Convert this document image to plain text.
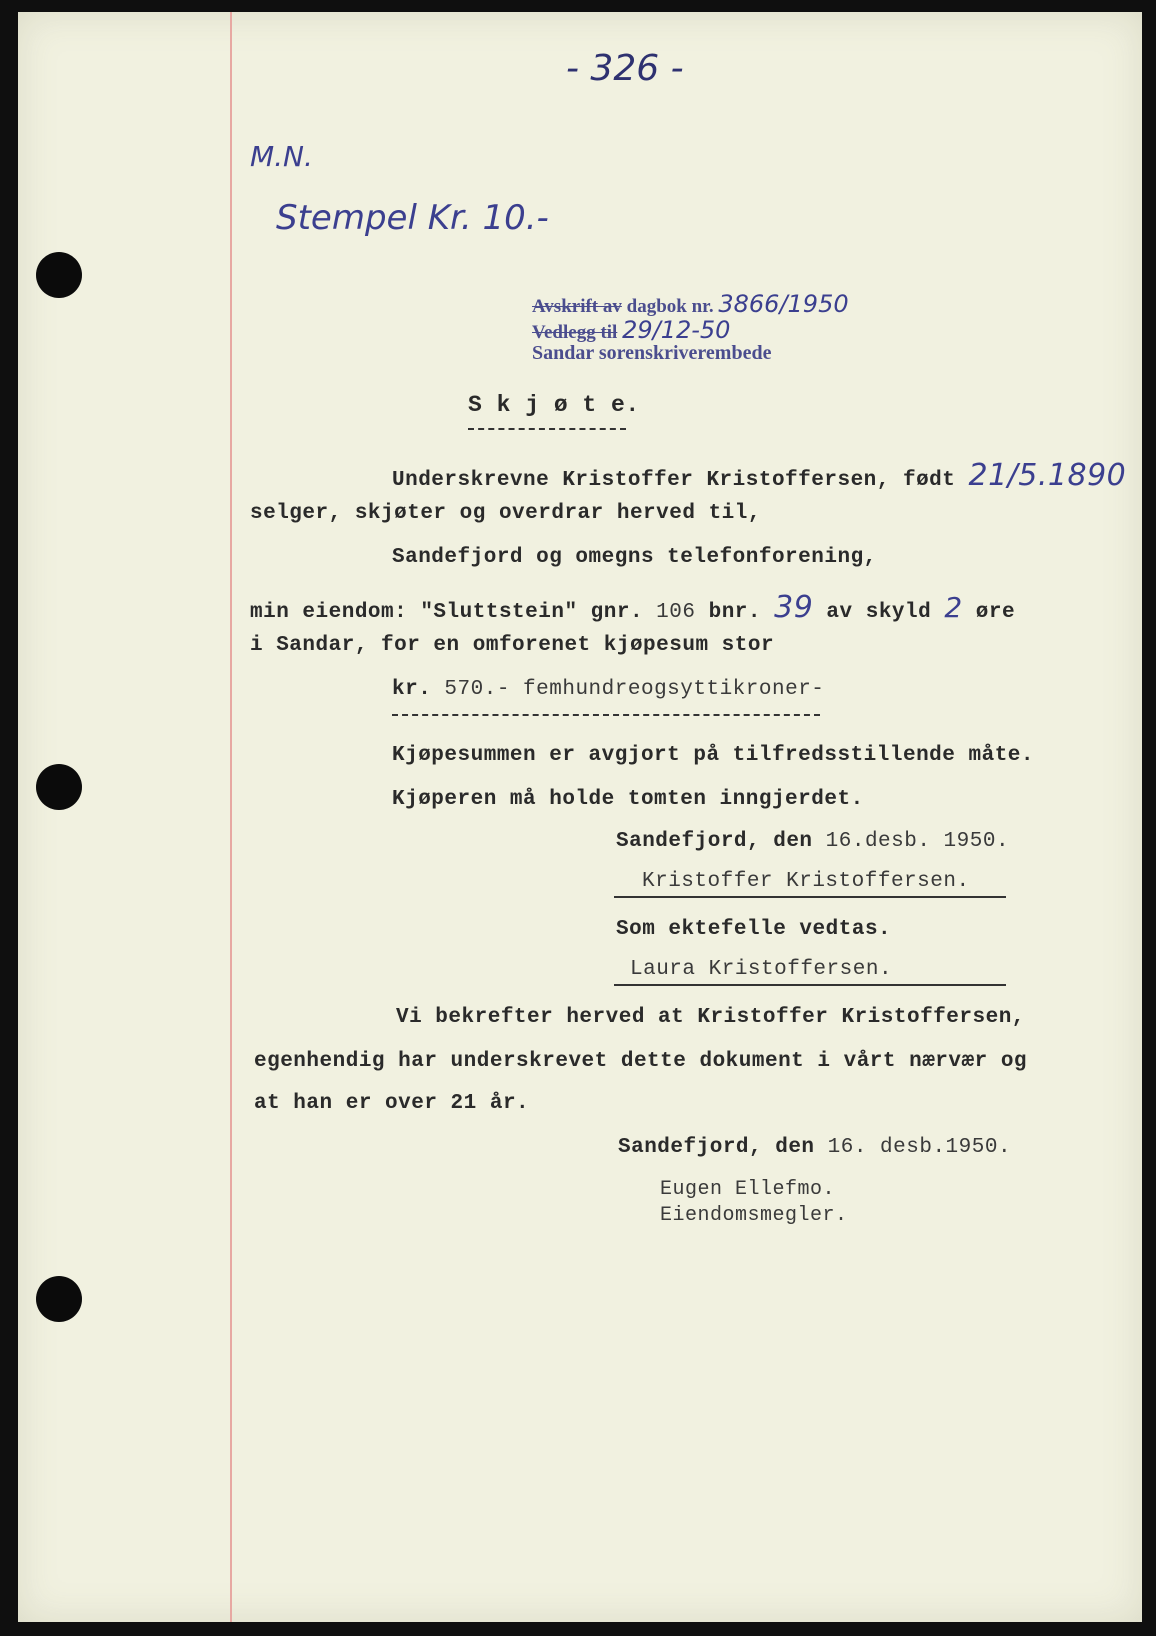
- 326 -
M.N.
Stempel Kr. 10.-
Avskrift av dagbok nr. 3866/1950
Vedlegg til 29/12-50
Sandar sorenskriverembede
S k j ø t e.
Underskrevne Kristoffer Kristoffersen, født 21/5.1890
selger, skjøter og overdrar herved til,
Sandefjord og omegns telefonforening,
min eiendom: "Sluttstein" gnr. 106 bnr. 39 av skyld 2 øre
i Sandar, for en omforenet kjøpesum stor
kr. 570.- femhundreogsyttikroner-
Kjøpesummen er avgjort på tilfredsstillende måte.
Kjøperen må holde tomten inngjerdet.
Sandefjord, den 16.desb. 1950.
Kristoffer Kristoffersen.
Som ektefelle vedtas.
Laura Kristoffersen.
Vi bekrefter herved at Kristoffer Kristoffersen,
egenhendig har underskrevet dette dokument i vårt nærvær og
at han er over 21 år.
Sandefjord, den 16. desb.1950.
Eugen Ellefmo.
Eiendomsmegler.
